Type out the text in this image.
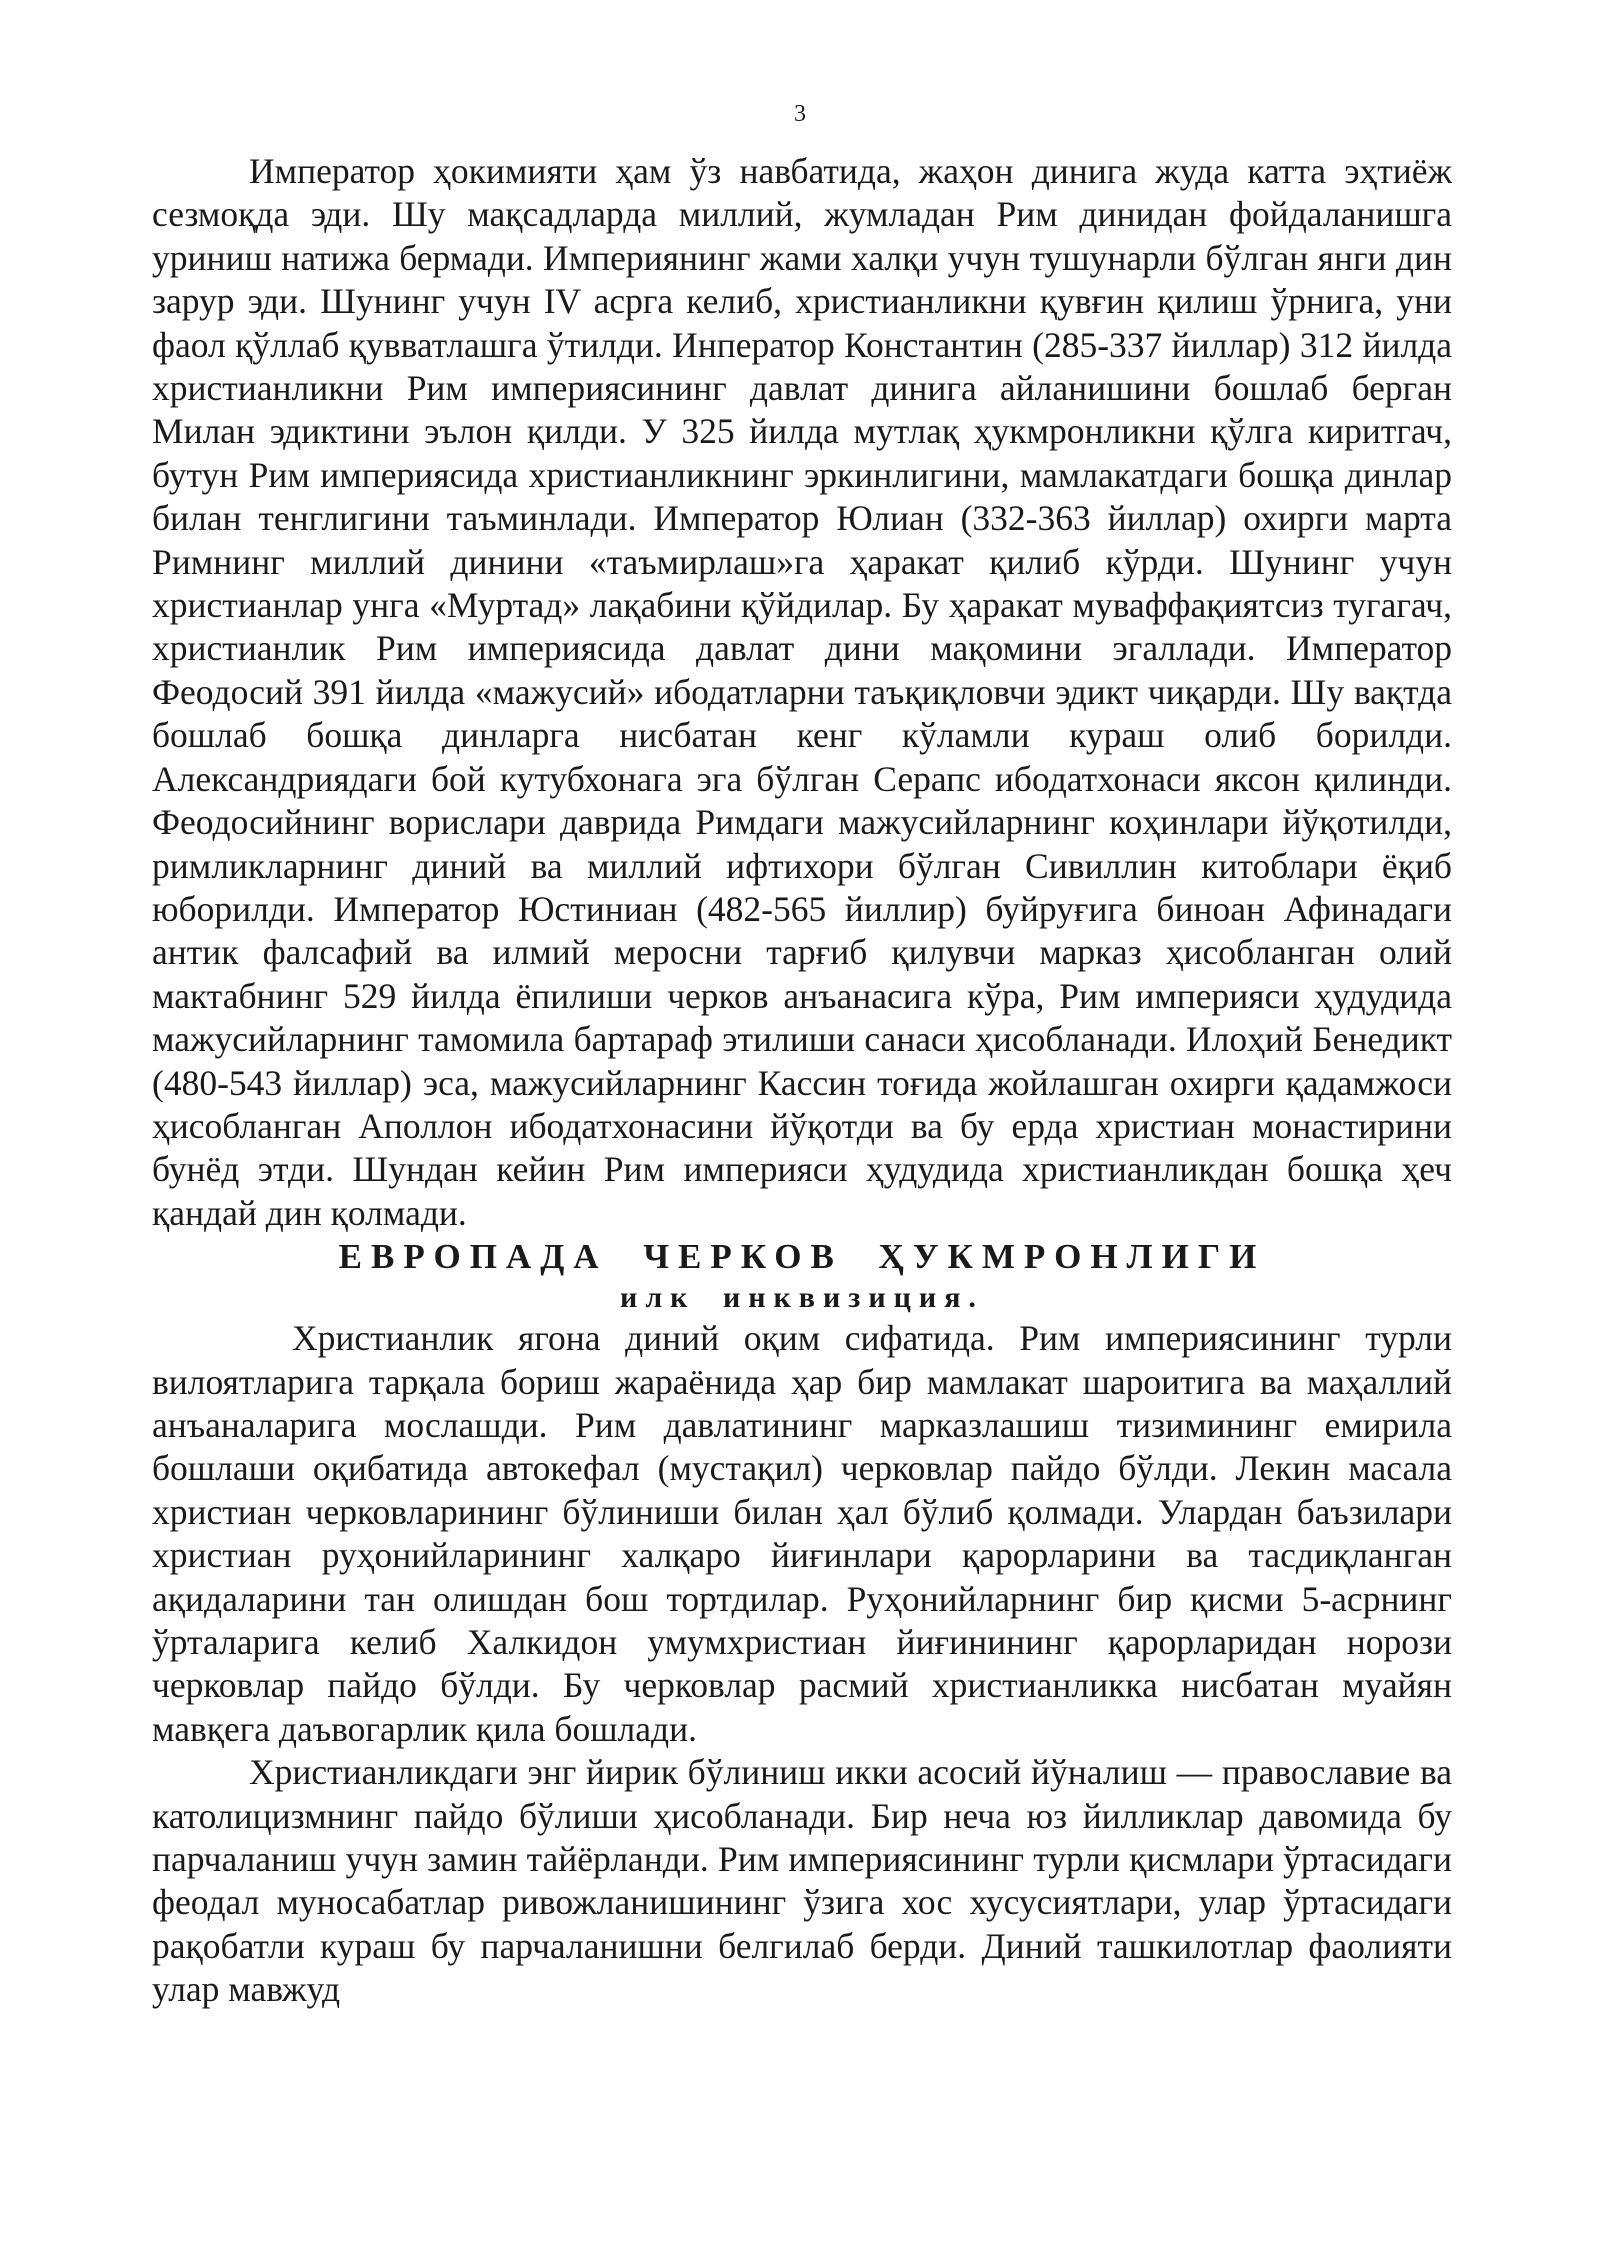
3

Император ҳокимияти ҳам ўз навбатида, жаҳон динига жуда катта эҳтиёж сезмоқда эди. Шу мақсадларда миллий, жумладан Рим динидан фойдаланишга уриниш натижа бермади. Империянинг жами халқи учун тушунарли бўлган янги дин зарур эди. Шунинг учун IV асрга келиб, христианликни қувғин қилиш ўрнига, уни фаол қўллаб қувватлашга ўтилди. Инператор Константин (285-337 йиллар) 312 йилда христианликни Рим империясининг давлат динига айланишини бошлаб берган Милан эдиктини эълон қилди. У 325 йилда мутлақ ҳукмронликни қўлга киритгач, бутун Рим империясида христианликнинг эркинлигини, мамлакатдаги бошқа динлар билан тенглигини таъминлади. Император Юлиан (332-363 йиллар) охирги марта Римнинг миллий динини «таъмирлаш»га ҳаракат қилиб кўрди. Шунинг учун христианлар унга «Муртад» лақабини қўйдилар. Бу ҳаракат муваффақиятсиз тугагач, христианлик Рим империясида давлат дини мақомини эгаллади. Император Феодосий 391 йилда «мажусий» ибодатларни таъқиқловчи эдикт чиқарди. Шу вақтда бошлаб бошқа динларга нисбатан кенг кўламли кураш олиб борилди. Александриядаги бой кутубхонага эга бўлган Серапс ибодатхонаси яксон қилинди. Феодосийнинг ворислари даврида Римдаги мажусийларнинг коҳинлари йўқотилди, римликларнинг диний ва миллий ифтихори бўлган Сивиллин китоблари ёқиб юборилди. Император Юстиниан (482-565 йиллир) буйруғига биноан Афинадаги антик фалсафий ва илмий меросни тарғиб қилувчи марказ ҳисобланган олий мактабнинг 529 йилда ёпилиши черков анъанасига кўра, Рим империяси ҳудудида мажусийларнинг тамомила бартараф этилиши санаси ҳисобланади. Илоҳий Бенедикт (480-543 йиллар) эса, мажусийларнинг Кассин тоғида жойлашган охирги қадамжоси ҳисобланган Аполлон ибодатхонасини йўқотди ва бу ерда христиан монастирини бунёд этди. Шундан кейин Рим империяси ҳудудида христианликдан бошқа ҳеч қандай дин қолмади.

ЕВРОПАДА ЧЕРКОВ ҲУКМРОНЛИГИ
илк инквизиция.

Христианлик ягона диний оқим сифатида. Рим империясининг турли вилоятларига тарқала бориш жараёнида ҳар бир мамлакат шароитига ва маҳаллий анъаналарига мослашди. Рим давлатининг марказлашиш тизимининг емирила бошлаши оқибатида автокефал (мустақил) черковлар пайдо бўлди. Лекин масала христиан черковларининг бўлиниши билан ҳал бўлиб қолмади. Улардан баъзилари христиан руҳонийларининг халқаро йиғинлари қарорларини ва тасдиқланган ақидаларини тан олишдан бош тортдилар. Руҳонийларнинг бир қисми 5-асрнинг ўрталарига келиб Халкидон умумхристиан йиғинининг қарорларидан норози черковлар пайдо бўлди. Бу черковлар расмий христианликка нисбатан муайян мавқега даъвогарлик қила бошлади.

Христианликдаги энг йирик бўлиниш икки асосий йўналиш — православие ва католицизмнинг пайдо бўлиши ҳисобланади. Бир неча юз йилликлар давомида бу парчаланиш учун замин тайёрланди. Рим империясининг турли қисмлари ўртасидаги феодал муносабатлар ривожланишининг ўзига хос хусусиятлари, улар ўртасидаги рақобатли кураш бу парчаланишни белгилаб берди. Диний ташкилотлар фаолияти улар мавжуд
